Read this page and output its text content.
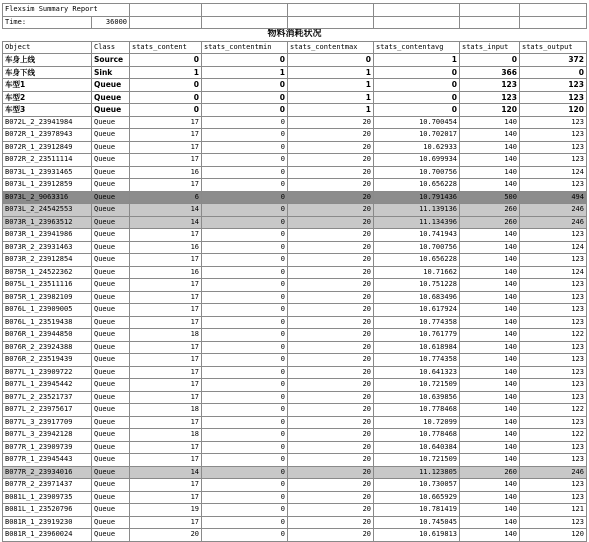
Flexsim Summary Report							
Time:	36000						
物料消耗状况							
Object	Class	stats_content	stats_contentmin	stats_contentmax	stats_contentavg	stats_input	stats_output
车身上线	Source	0	0	0	1	0	372
车身下线	Sink	1	1	1	0	366	0
车型1	Queue	0	0	1	0	123	123
车型2	Queue	0	0	1	0	123	123
车型3	Queue	0	0	1	0	120	120
B072L_2_23941984	Queue	17	0	20	10.700454	140	123
B072R_1_23978943	Queue	17	0	20	10.702017	140	123
B072R_1_23912849	Queue	17	0	20	10.62933	140	123
B072R_2_23511114	Queue	17	0	20	10.699934	140	123
B073L_1_23931465	Queue	16	0	20	10.700756	140	124
B073L_1_23912859	Queue	17	0	20	10.656228	140	123
B073L_2_9063316	Queue	6	0	20	10.791436	500	494
B073L_2_24542553	Queue	14	0	20	11.139136	260	246
B073R_1_23963512	Queue	14	0	20	11.134396	260	246
B073R_1_23941986	Queue	17	0	20	10.741943	140	123
B073R_2_23931463	Queue	16	0	20	10.700756	140	124
B073R_2_23912854	Queue	17	0	20	10.656228	140	123
B075R_1_24522362	Queue	16	0	20	10.71662	140	124
B075L_1_23511116	Queue	17	0	20	10.751228	140	123
B075R_1_23982109	Queue	17	0	20	10.683496	140	123
B076L_1_23909005	Queue	17	0	20	10.617924	140	123
B076L_1_23519438	Queue	17	0	20	10.774358	140	123
B076R_1_23944850	Queue	18	0	20	10.761779	140	122
B076R_2_23924388	Queue	17	0	20	10.618984	140	123
B076R_2_23519439	Queue	17	0	20	10.774358	140	123
B077L_1_23909722	Queue	17	0	20	10.641323	140	123
B077L_1_23945442	Queue	17	0	20	10.721509	140	123
B077L_2_23521737	Queue	17	0	20	10.639856	140	123
B077L_2_23975617	Queue	18	0	20	10.778468	140	122
B077L_3_23917709	Queue	17	0	20	10.72099	140	123
B077L_3_23942128	Queue	18	0	20	10.778468	140	122
B077R_1_23909739	Queue	17	0	20	10.640384	140	123
B077R_1_23945443	Queue	17	0	20	10.721509	140	123
B077R_2_23934016	Queue	14	0	20	11.123805	260	246
B077R_2_23971437	Queue	17	0	20	10.730057	140	123
B081L_1_23909735	Queue	17	0	20	10.665929	140	123
B081L_1_23520796	Queue	19	0	20	10.781419	140	121
B081R_1_23919230	Queue	17	0	20	10.745045	140	123
B081R_1_23960024	Queue	20	0	20	10.619813	140	120
